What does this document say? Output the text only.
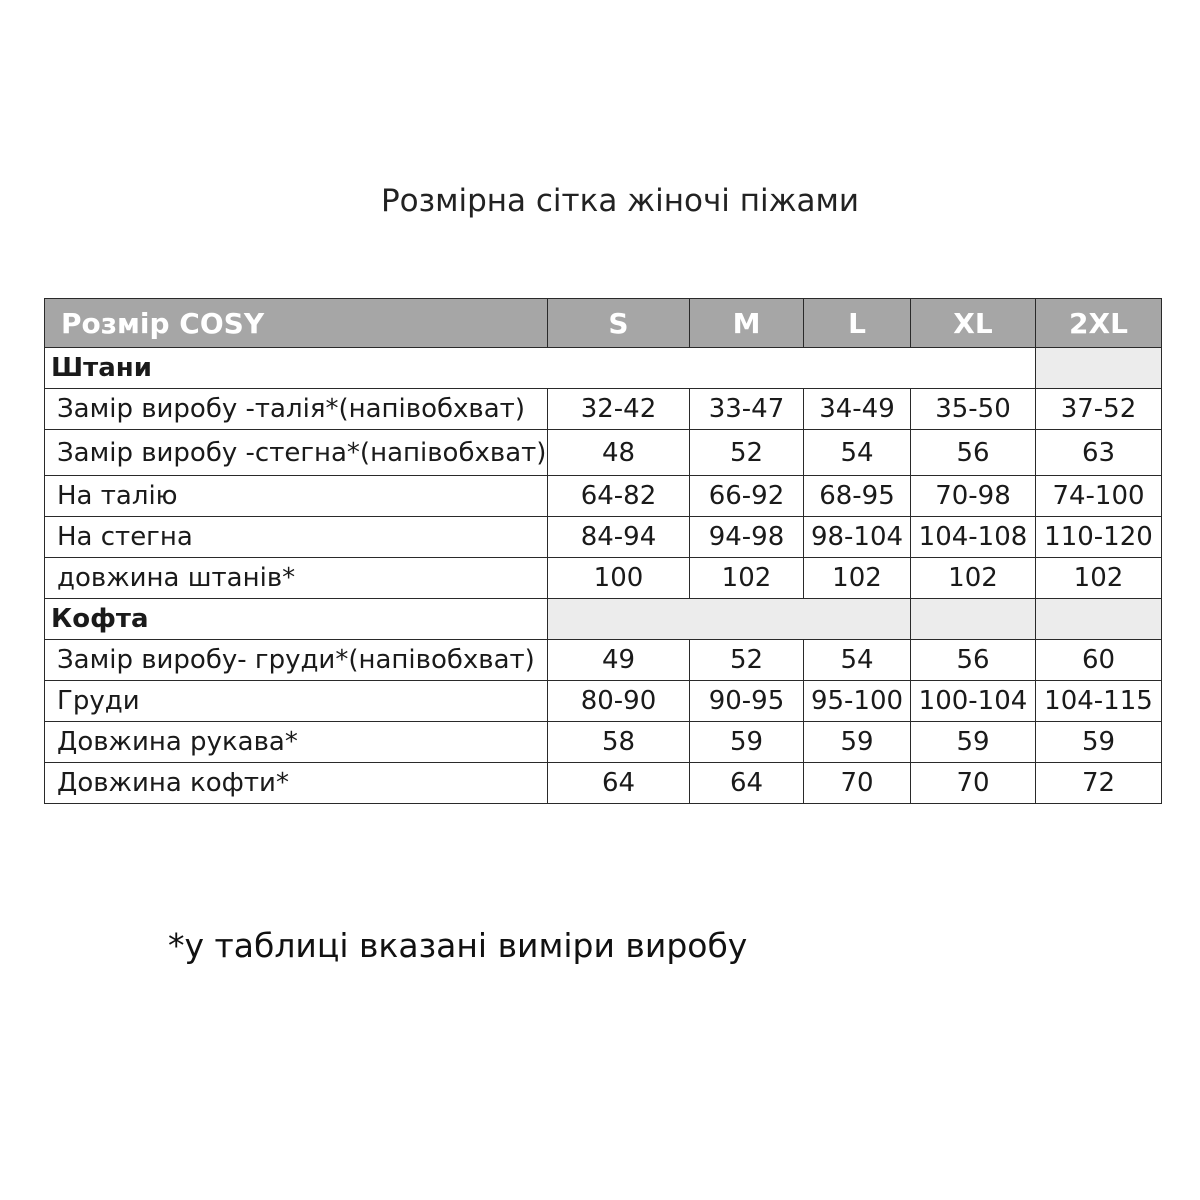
Розмірна сітка жіночі піжами
Розмір COSY	S	M	L	XL	2XL
Штани					
Замір виробу -талія*(напівобхват)	32-42	33-47	34-49	35-50	37-52
Замір виробу -стегна*(напівобхват)	48	52	54	56	63
На талію	64-82	66-92	68-95	70-98	74-100
На стегна	84-94	94-98	98-104	104-108	110-120
довжина штанів*	100	102	102	102	102
Кофта					
Замір виробу- груди*(напівобхват)	49	52	54	56	60
Груди	80-90	90-95	95-100	100-104	104-115
Довжина рукава*	58	59	59	59	59
Довжина кофти*	64	64	70	70	72
*у таблиці вказані виміри виробу
